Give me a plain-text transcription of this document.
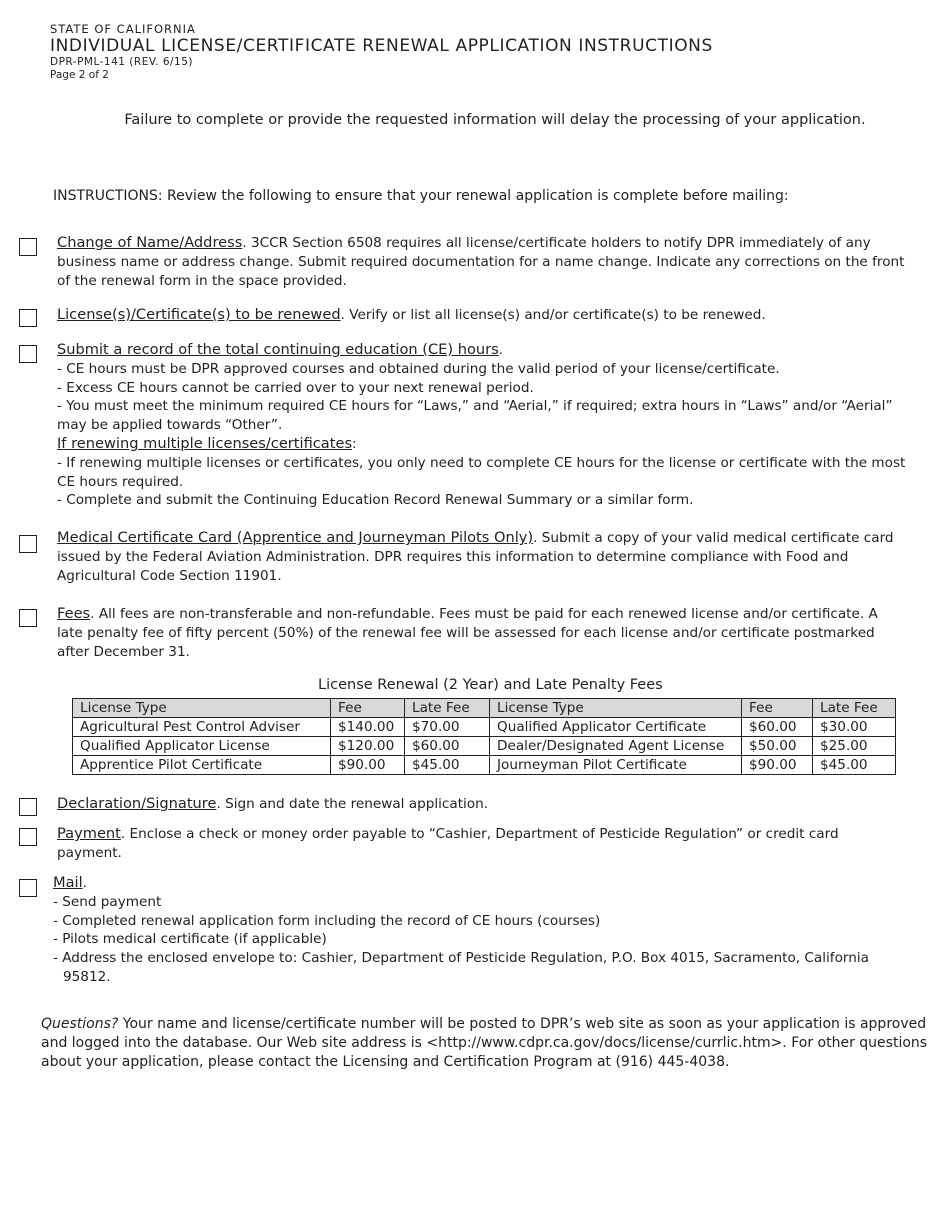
STATE OF CALIFORNIA
INDIVIDUAL LICENSE/CERTIFICATE RENEWAL APPLICATION INSTRUCTIONS
DPR-PML-141 (REV. 6/15)
Page 2 of 2
Failure to complete or provide the requested information will delay the processing of your application.
INSTRUCTIONS: Review the following to ensure that your renewal application is complete before mailing:
Change of Name/Address. 3CCR Section 6508 requires all license/certificate holders to notify DPR immediately of any business name or address change. Submit required documentation for a name change. Indicate any corrections on the front of the renewal form in the space provided.
License(s)/Certificate(s) to be renewed. Verify or list all license(s) and/or certificate(s) to be renewed.
Submit a record of the total continuing education (CE) hours.
- CE hours must be DPR approved courses and obtained during the valid period of your license/certificate.
- Excess CE hours cannot be carried over to your next renewal period.
- You must meet the minimum required CE hours for “Laws,” and “Aerial,” if required; extra hours in “Laws” and/or “Aerial” may be applied towards “Other”.
If renewing multiple licenses/certificates:
- If renewing multiple licenses or certificates, you only need to complete CE hours for the license or certificate with the most CE hours required.
- Complete and submit the Continuing Education Record Renewal Summary or a similar form.
Medical Certificate Card (Apprentice and Journeyman Pilots Only). Submit a copy of your valid medical certificate card issued by the Federal Aviation Administration. DPR requires this information to determine compliance with Food and Agricultural Code Section 11901.
Fees. All fees are non-transferable and non-refundable. Fees must be paid for each renewed license and/or certificate. A late penalty fee of fifty percent (50%) of the renewal fee will be assessed for each license and/or certificate postmarked after December 31.
License Renewal (2 Year) and Late Penalty Fees
License Type	Fee	Late Fee	License Type	Fee	Late Fee
Agricultural Pest Control Adviser	$140.00	$70.00	Qualified Applicator Certificate	$60.00	$30.00
Qualified Applicator License	$120.00	$60.00	Dealer/Designated Agent License	$50.00	$25.00
Apprentice Pilot Certificate	$90.00	$45.00	Journeyman Pilot Certificate	$90.00	$45.00
Declaration/Signature. Sign and date the renewal application.
Payment. Enclose a check or money order payable to “Cashier, Department of Pesticide Regulation” or credit card payment.
Mail.
- Send payment
- Completed renewal application form including the record of CE hours (courses)
- Pilots medical certificate (if applicable)
- Address the enclosed envelope to: Cashier, Department of Pesticide Regulation, P.O. Box 4015, Sacramento, California 95812.
Questions? Your name and license/certificate number will be posted to DPR’s web site as soon as your application is approved and logged into the database. Our Web site address is <http://www.cdpr.ca.gov/docs/license/currlic.htm>. For other questions about your application, please contact the Licensing and Certification Program at (916) 445-4038.
